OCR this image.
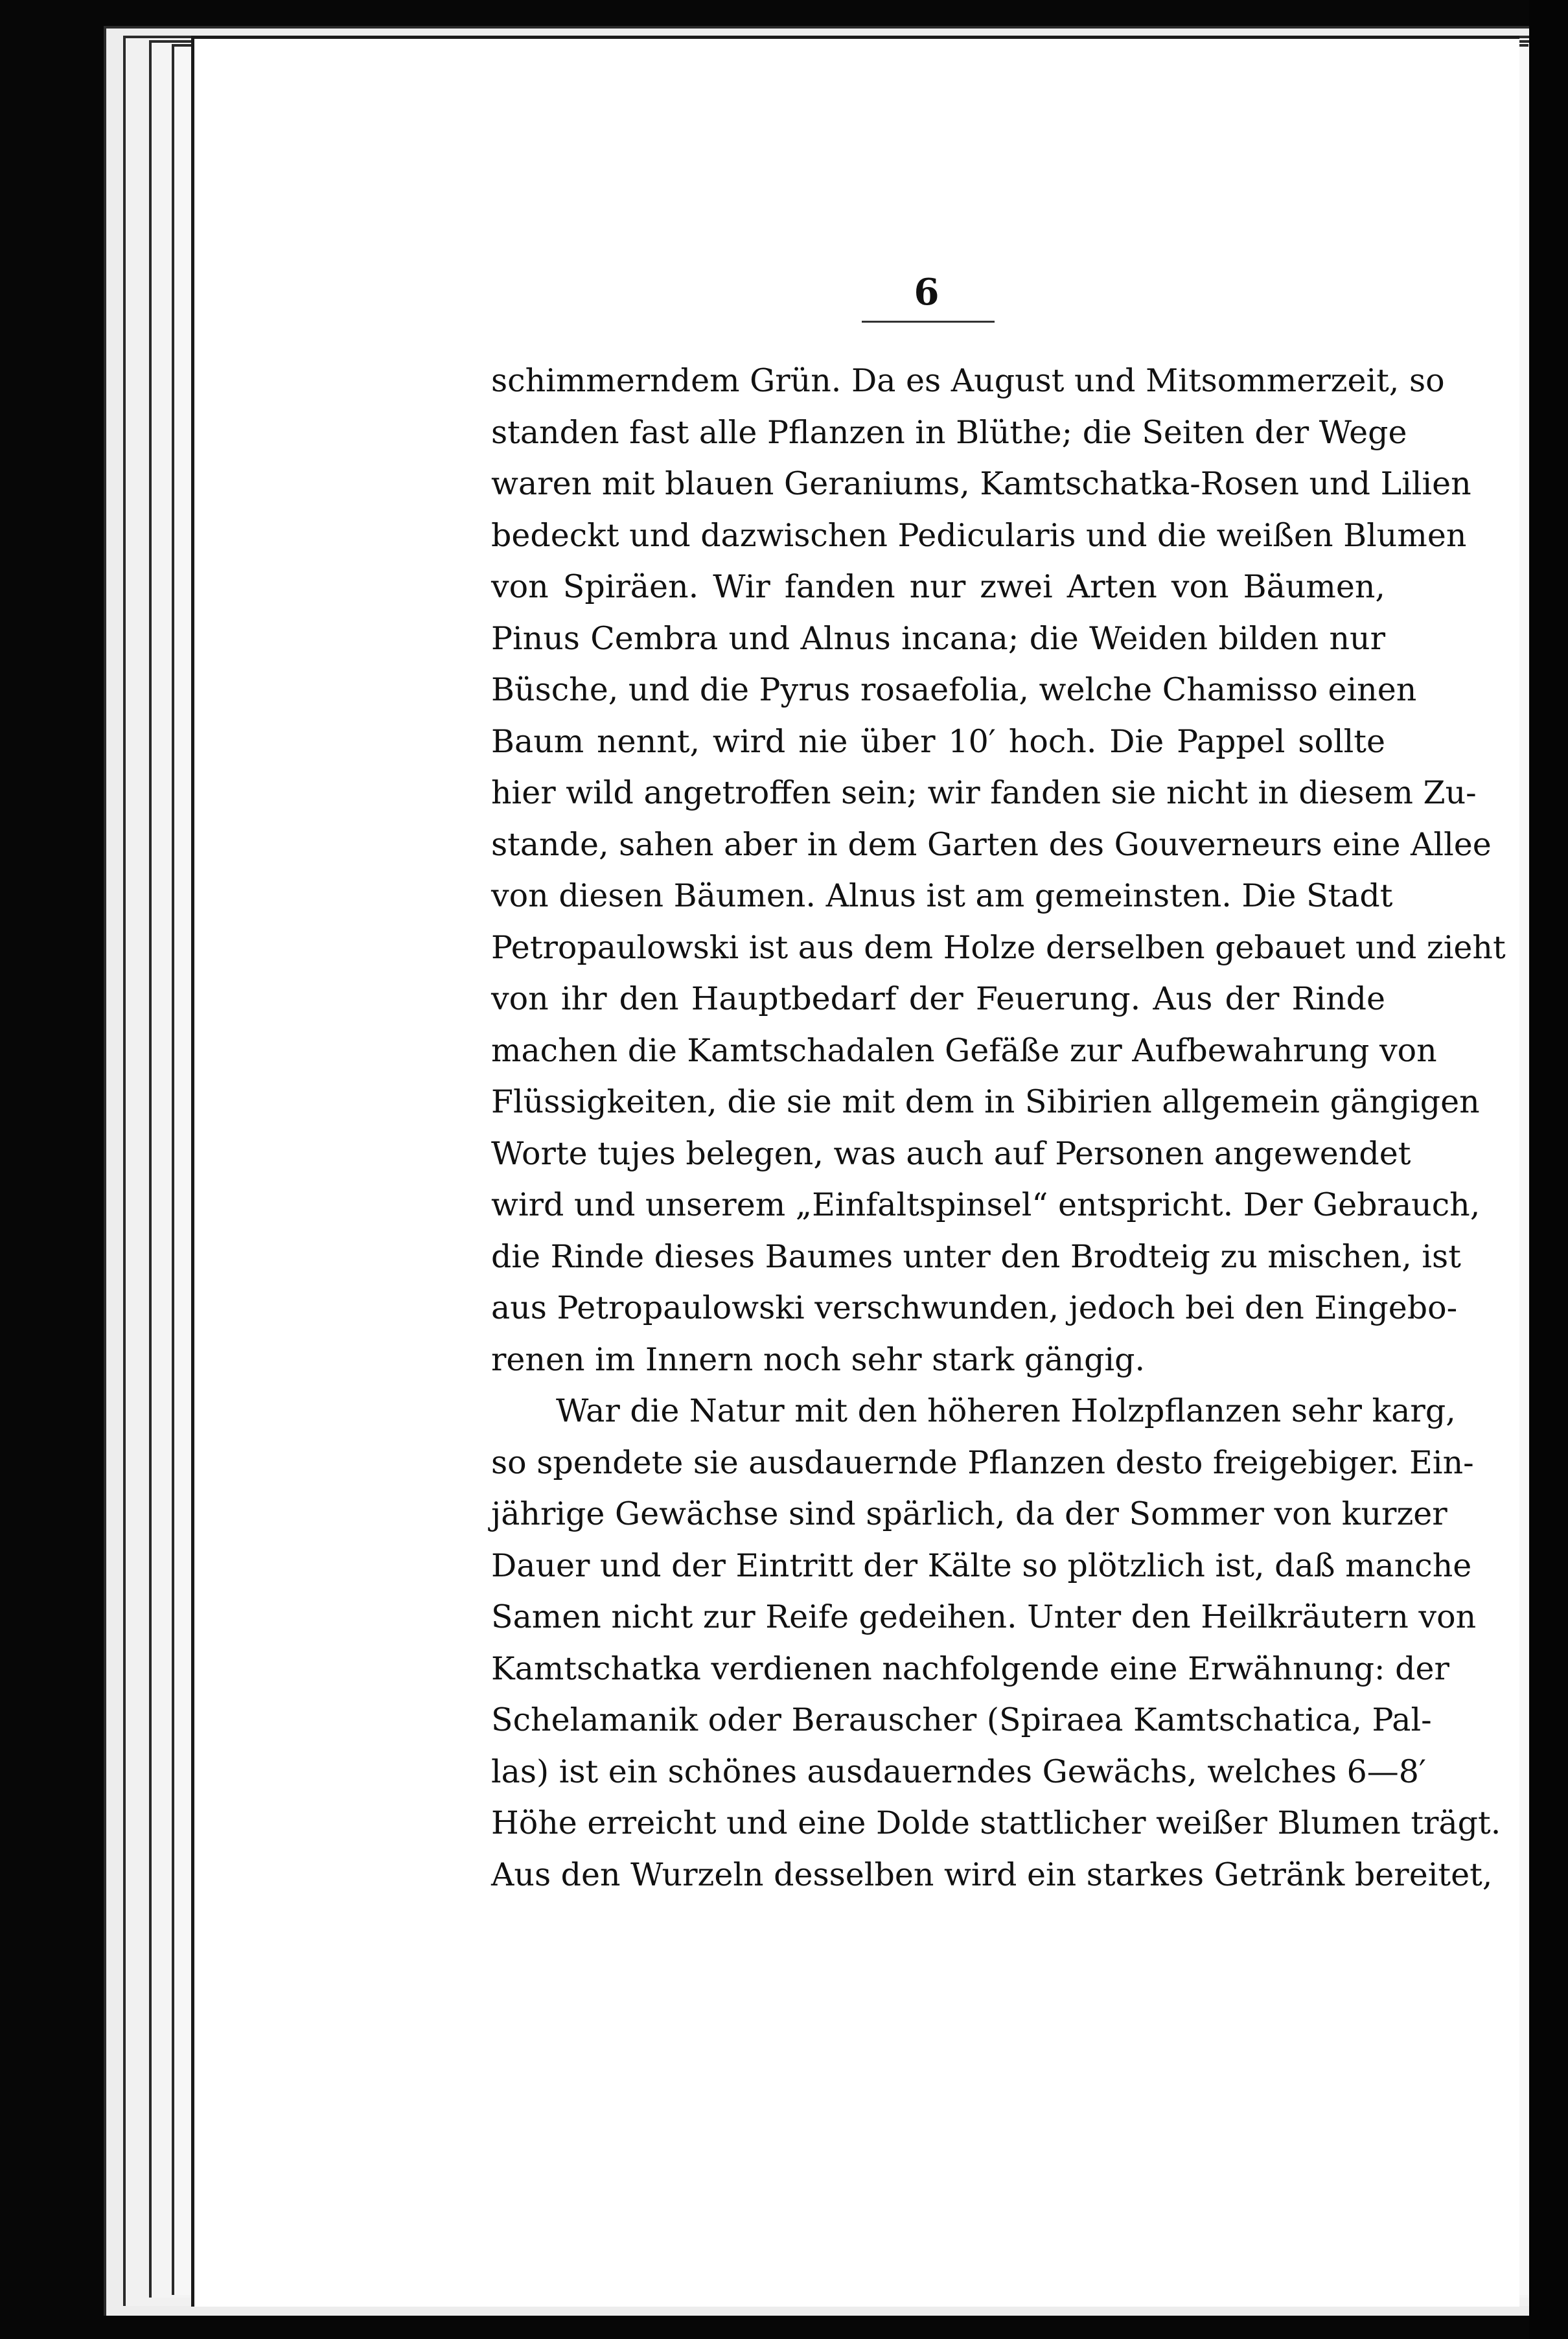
6
schimmerndem Grün. Da es August und Mitsommerzeit, so
standen fast alle Pflanzen in Blüthe; die Seiten der Wege
waren mit blauen Geraniums, Kamtschatka-Rosen und Lilien
bedeckt und dazwischen Pedicularis und die weißen Blumen
von Spiräen. Wir fanden nur zwei Arten von Bäumen,
Pinus Cembra und Alnus incana; die Weiden bilden nur
Büsche, und die Pyrus rosaefolia, welche Chamisso einen
Baum nennt, wird nie über 10′ hoch. Die Pappel sollte
hier wild angetroffen sein; wir fanden sie nicht in diesem Zu-
stande, sahen aber in dem Garten des Gouverneurs eine Allee
von diesen Bäumen. Alnus ist am gemeinsten. Die Stadt
Petropaulowski ist aus dem Holze derselben gebauet und zieht
von ihr den Hauptbedarf der Feuerung. Aus der Rinde
machen die Kamtschadalen Gefäße zur Aufbewahrung von
Flüssigkeiten, die sie mit dem in Sibirien allgemein gängigen
Worte tujes belegen, was auch auf Personen angewendet
wird und unserem „Einfaltspinsel“ entspricht. Der Gebrauch,
die Rinde dieses Baumes unter den Brodteig zu mischen, ist
aus Petropaulowski verschwunden, jedoch bei den Eingebo-
renen im Innern noch sehr stark gängig.
War die Natur mit den höheren Holzpflanzen sehr karg,
so spendete sie ausdauernde Pflanzen desto freigebiger. Ein-
jährige Gewächse sind spärlich, da der Sommer von kurzer
Dauer und der Eintritt der Kälte so plötzlich ist, daß manche
Samen nicht zur Reife gedeihen. Unter den Heilkräutern von
Kamtschatka verdienen nachfolgende eine Erwähnung: der
Schelamanik oder Berauscher (Spiraea Kamtschatica, Pal-
las) ist ein schönes ausdauerndes Gewächs, welches 6—8′
Höhe erreicht und eine Dolde stattlicher weißer Blumen trägt.
Aus den Wurzeln desselben wird ein starkes Getränk bereitet,
